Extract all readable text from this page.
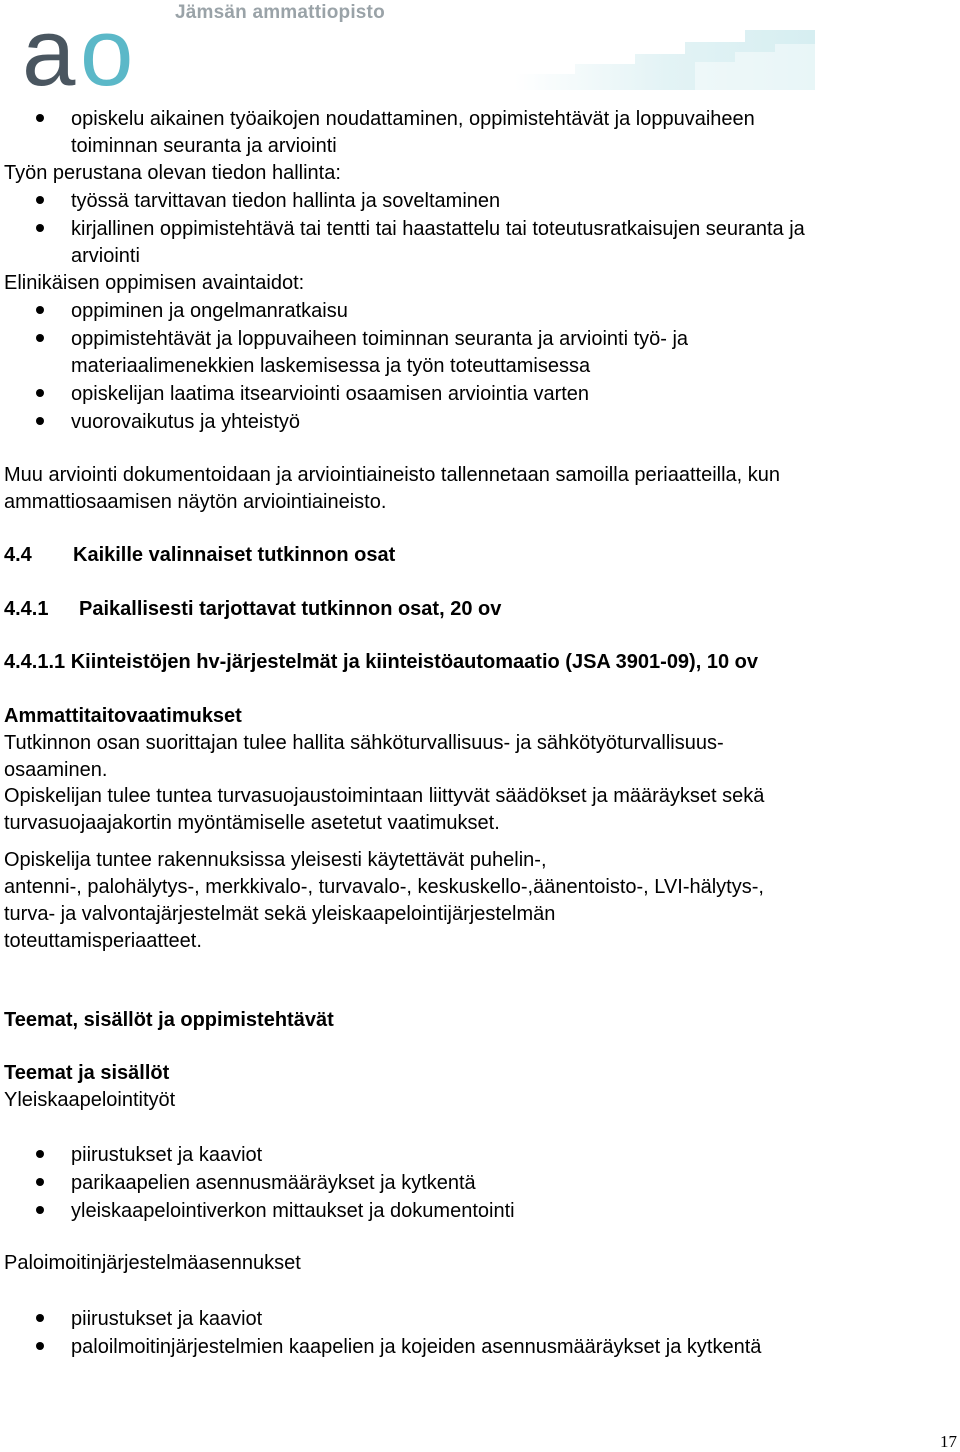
Jämsän ammattiopisto
a o
opiskelu aikainen työaikojen noudattaminen, oppimistehtävät ja loppuvaiheen
toiminnan seuranta ja arviointi
Työn perustana olevan tiedon hallinta:
työssä tarvittavan tiedon hallinta ja soveltaminen
kirjallinen oppimistehtävä tai tentti tai haastattelu tai toteutusratkaisujen seuranta ja
arviointi
Elinikäisen oppimisen avaintaidot:
oppiminen ja ongelmanratkaisu
oppimistehtävät ja loppuvaiheen toiminnan seuranta ja arviointi työ- ja
materiaalimenekkien laskemisessa ja työn toteuttamisessa
opiskelijan laatima itsearviointi osaamisen arviointia varten
vuorovaikutus ja yhteistyö
Muu arviointi dokumentoidaan ja arviointiaineisto tallennetaan samoilla periaatteilla, kun
ammattiosaamisen näytön arviointiaineisto.
4.4 Kaikille valinnaiset tutkinnon osat
4.4.1 Paikallisesti tarjottavat tutkinnon osat, 20 ov
4.4.1.1 Kiinteistöjen hv-järjestelmät ja kiinteistöautomaatio (JSA 3901-09), 10 ov
Ammattitaitovaatimukset
Tutkinnon osan suorittajan tulee hallita sähköturvallisuus- ja sähkötyöturvallisuus-
osaaminen.
Opiskelijan tulee tuntea turvasuojaustoimintaan liittyvät säädökset ja määräykset sekä
turvasuojaajakortin myöntämiselle asetetut vaatimukset.
Opiskelija tuntee rakennuksissa yleisesti käytettävät puhelin-,
antenni-, palohälytys-, merkkivalo-, turvavalo-, keskuskello-,äänentoisto-, LVI-hälytys-,
turva- ja valvontajärjestelmät sekä yleiskaapelointijärjestelmän
toteuttamisperiaatteet.
Teemat, sisällöt ja oppimistehtävät
Teemat ja sisällöt
Yleiskaapelointityöt
piirustukset ja kaaviot
parikaapelien asennusmääräykset ja kytkentä
yleiskaapelointiverkon mittaukset ja dokumentointi
Paloimoitinjärjestelmäasennukset
piirustukset ja kaaviot
paloilmoitinjärjestelmien kaapelien ja kojeiden asennusmääräykset ja kytkentä
17
